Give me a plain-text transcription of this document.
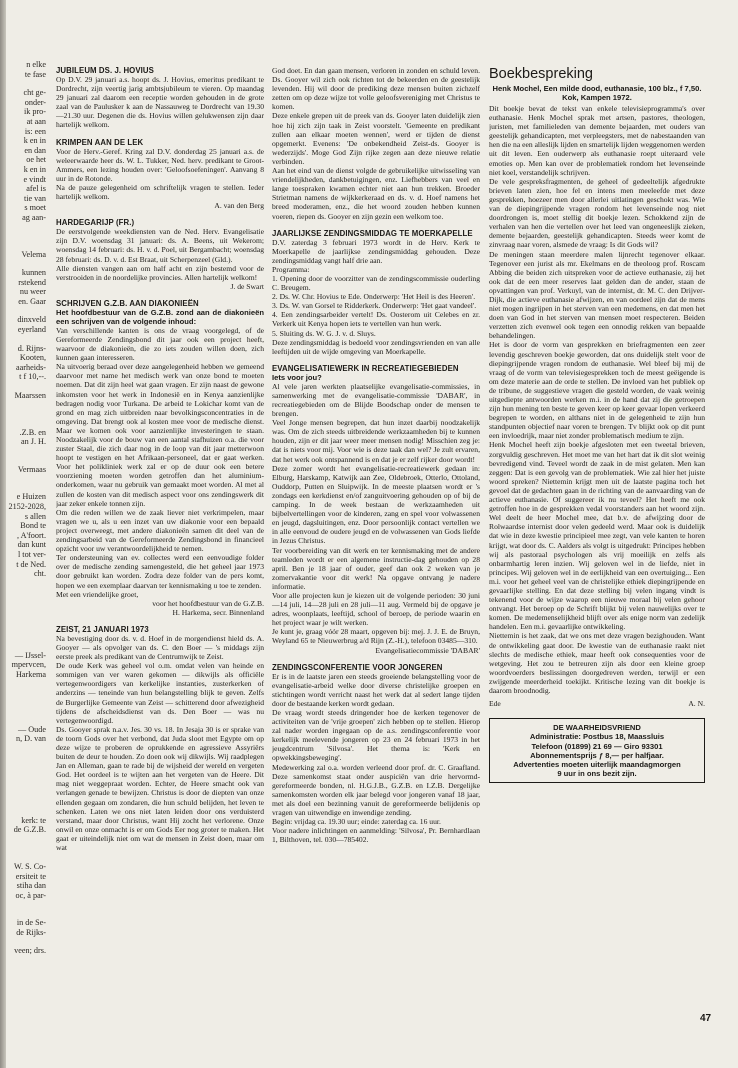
n elke
te fase
cht ge-
onder-
ik pro-
at aan
is: een
k en in
en dan
oe het
k en in
e vindt
afel is
tie van
s moet
ag aan-
Velema
kunnen
rstekend
nu weer
en. Gaar
dinxveld
eyerland
d. Rijns-
Kooten,
aarheids-
t f 10,--.
Maarssen
.Z.B. en
an J. H.
Vermaas
e Huizen
2152-2028,
s allen
Bond te
, A'foort.
dan kunt
l tot ver-
t de Ned.
cht.
— IJssel-
mpervcen,
Harkema
— Oude
n, D. van
kerk: te
de G.Z.B.
W. S. Co-
ersiteit te
stiha dan
oc, à par-
in de Se-
de Rijks-
veen; drs.
JUBILEUM DS. J. HOVIUS

Op D.V. 29 januari a.s. hoopt ds. J. Hovius, emeritus predikant te Dordrecht, zijn veertig jarig ambtsjubileum te vieren. Op maandag 29 januari zal daarom een receptie worden gehouden in de grote zaal van de Paulusker k aan de Nassauweg te Dordrecht van 19.30—21.30 uur. Degenen die ds. Hovius willen gelukwensen zijn daar hartelijk welkom.

KRIMPEN AAN DE LEK

Voor de Herv.-Geref. Kring zal D.V. donderdag 25 januari a.s. de weleerwaarde heer ds. W. L. Tukker, Ned. herv. predikant te Groot-Ammers, een lezing houden over: 'Geloofsoefeningen'. Aanvang 8 uur in de Rotonde.
Na de pauze gelegenheid om schriftelijk vragen te stellen. Ieder hartelijk welkom.

A. van den Berg

HARDEGARIJP (FR.)

De eerstvolgende weekdiensten van de Ned. Herv. Evangelisatie zijn D.V. woensdag 31 januari: ds. A. Beens, uit Wekerom; woensdag 14 februari: ds. H. v. d. Poel, uit Bergambacht; woensdag 28 februari: ds. D. v. d. Est Braat, uit Scherpenzeel (Gld.).
Alle diensten vangen aan om half acht en zijn bestemd voor de verstrooiden in de noordelijke provincies. Allen hartelijk welkom!

J. de Swart

SCHRIJVEN G.Z.B. AAN DIAKONIEËN
Het hoofdbestuur van de G.Z.B. zond aan de diakonieën een schrijven van de volgende inhoud:

Van verschillende kanten is ons de vraag voorgelegd, of de Gereformeerde Zendingsbond dit jaar ook een project heeft, waarvoor de diakonieën, die zo iets zouden willen doen, zich kunnen gaan interesseren.
Na uitvoerig beraad over deze aangelegenheid hebben we gemeend daarvoor met name het medisch werk van onze bond te moeten noemen. Dat dit zijn heel wat gaan vragen. Er zijn naast de gewone inkomsten voor het werk in Indonesië en in Kenya aanzienlijke bedragen nodig voor Turkana. De arbeid te Lokichar komt van de grond en mag zich uitbreiden naar bevolkingsconcentraties in de omgeving. Dat brengt ook al kosten mee voor de medische dienst. Maar we komen ook voor aanzienlijke investeringen te staan. Noodzakelijk voor de bouw van een aantal stafhuizen o.a. die voor zuster Staal, die zich daar nog in de loop van dit jaar metterwoon hoopt te vestigen en het Afrikaan-personeel, dat er gaat werken. Voor het polikliniek werk zal er op de duur ook een betere voorziening moeten worden getroffen dan het aluminium-onderkomen, waar nu gebruik van gemaakt moet worden. Al met al zullen de kosten van dit medisch aspect voor ons zendingswerk dit jaar zeker enkele tonnen zijn.
Om die reden willen we de zaak liever niet verkrimpelen, maar vragen we u, als u een inzet van uw diakonie voor een bepaald project overweegt, met andere diakonieën samen dit deel van de zendingsarbeid van de Gereformeerde Zendingsbond in financieel opzicht voor uw verantwoordelijkheid te nemen.
Ter ondersteuning van ev. collectes werd een eenvoudige folder over de medische zending samengesteld, die het geheel jaar 1973 door gebruikt kan worden. Zodra deze folder van de pers komt, hopen we een exemplaar daarvan ter kennismaking u toe te zenden.
Met een vriendelijke groet,

voor het hoofdbestuur van de G.Z.B.
H. Harkema, secr. Binnenland

ZEIST, 21 JANUARI 1973

Na bevestiging door ds. v. d. Hoef in de morgendienst hield ds. A. Gooyer — als opvolger van ds. C. den Boer — 's middags zijn eerste preek als predikant van de Centrumwijk te Zeist.
De oude Kerk was geheel vol o.m. omdat velen van heinde en sommigen van ver waren gekomen — dikwijls als officiële vertegenwoordigers van kerkelijke instanties, zusterkerken of anderzins — teneinde van hun belangstelling blijk te geven. Zelfs de Burgerlijke Gemeente van Zeist — schitterend door afwezigheid tijdens de afscheidsdienst van ds. Den Boer — was nu vertegenwoordigd.
Ds. Gooyer sprak n.a.v. Jes. 30 vs. 18. In Jesaja 30 is er sprake van de toorn Gods over het verbond, dat Juda sloot met Egypte om op deze wijze te proberen de oprukkende en agressieve Assyriërs buiten de deur te houden. Zo doen ook wij dikwijls. Wij raadplegen Jan en Alleman, gaan te rade bij de wijsheid der wereld en vergeten God. Het oordeel is te wijten aan het vergeten van de Heere. Dit mag niet weggepraat worden. Echter, de Heere smacht ook van verlangen genade te bewijzen. Christus is door de diepten van onze ellenden gegaan om zondaren, die hun schuld belijden, het leven te schenken. Laten we ons niet laten leiden door ons verduisterd verstand, maar door Christus, want Hij zocht het verlorene. Onze onwil en onze onmacht is er om Gods Eer nog groter te maken. Het gaat er uiteindelijk niet om wat de mensen in Zeist doen, maar om wat

God doet. En dan gaan mensen, verloren in zonden en schuld leven. Ds. Gooyer wil zich ook richten tot de bekeerden en de geestelijk levenden. Hij wil door de prediking deze mensen buiten zichzelf zetten om op deze wijze tot volle geloofsvereniging met Christus te komen.
Deze enkele grepen uit de preek van ds. Gooyer laten duidelijk zien hoe hij zich zijn taak in Zeist voorstelt. 'Gemeente en predikant zullen aan elkaar moeten wennen', werd er tijden de dienst opgemerkt. Evenens: 'De onbekendheid Zeist-ds. Gooyer is wederzijds'. Moge God Zijn rijke zegen aan deze nieuwe relatie verbinden.
Aan het eind van de dienst volgde de gebruikelijke uitwisseling van vriendelijkheden, dankbetuigingen, enz. Liefhebbers van veel en lange toespraken kwamen echter niet aan hun trekken. Broeder Strietman namens de wijkkerkeraad en ds. v. d. Hoef namens het breed moderamen, enz., die het woord zouden hebben kunnen voeren, riepen ds. Gooyer en zijn gezin een welkom toe.

JAARLIJKSE ZENDINGSMIDDAG TE MOERKAPELLE

D.V. zaterdag 3 februari 1973 wordt in de Herv. Kerk te Moerkapelle de jaarlijkse zendingsmiddag gehouden. Deze zendingsmiddag vangt half drie aan.
Programma:
1. Opening door de voorzitter van de zendingscommissie ouderling C. Breugem.
2. Ds. W. Chr. Hovius te Ede. Onderwerp: 'Het Heil is des Heeren'.
3. Ds. W. van Gorsel te Ridderkerk. Onderwerp: 'Het gaat vandeel'.
4. Een zendingsarbeider vertelt! Ds. Oosterom uit Celebes en zr. Verkerk uit Kenya hopen iets te vertellen van hun werk.
5. Sluiting ds. W. G. J. v. d. Sluys.
Deze zendingsmiddag is bedoeld voor zendingsvrienden en van alle leeftijden uit de wijde omgeving van Moerkapelle.

EVANGELISATIEWERK IN RECREATIEGEBIEDEN
Iets voor jou?

Al vele jaren werkten plaatselijke evangelisatie-commissies, in samenwerking met de evangelisatie-commissie 'DABAR', in recreatiegebieden om de Blijde Boodschap onder de mensen te brengen.
Veel Jonge mensen begrepen, dat hun inzet daarbij noodzakelijk was. Om de zich steeds uitbreidende werkzaamheden bij te kunnen houden, zijn er dit jaar weer meer mensen nodig! Misschien zeg je: dat is niets voor mij. Voor wie is deze taak dan wel? Je zult ervaren, dat het werk ook ontspannend is en dat je er zelf rijker door wordt!
Deze zomer wordt het evangelisatie-recreatiewerk gedaan in: Elburg, Harskamp, Katwijk aan Zee, Oldebroek, Otterlo, Ottoland, Ouddorp, Putten en Sluipwijk. In de meeste plaatsen wordt er 's zondags een kerkdienst en/of zanguitvoering gehouden op of bij de camping. In de week bestaan de werkzaamheden uit bijbelvertellingen voor de kinderen, zang en spel voor volwassenen en jeugd, dagsluitingen, enz. Door persoonlijk contact vertellen we in alle eenvoud de oudere jeugd en de volwassenen van Gods liefde in Jezus Christus.
Ter voorbereiding van dit werk en ter kennismaking met de andere teamleden wordt er een algemene instructie-dag gehouden op 28 april. Ben je 18 jaar of ouder, geef dan ook 2 weken van je zomervakantie voor dit werk! Na opgave ontvang je nadere informatie.
Voor alle projecten kun je kiezen uit de volgende perioden: 30 juni—14 juli, 14—28 juli en 28 juli—11 aug. Vermeld bij de opgave je adres, woonplaats, leeftijd, school of beroep, de periode waarin en het project waar je wilt werken.
Je kunt je, graag vóór 28 maart, opgeven bij: mej. J. J. E. de Bruyn, Weyland 65 te Nieuwerbrug a/d Rijn (Z.-H.), telefoon 03485—310.

Evangelisatiecommissie 'DABAR'

ZENDINGSCONFERENTIE VOOR JONGEREN

Er is in de laatste jaren een steeds groeiende belangstelling voor de evangelisatie-arbeid welke door diverse christelijke groepen en stichtingen wordt verricht naast het werk dat al sedert lange tijden door de bestaande kerken wordt gedaan.
De vraag wordt steeds dringender hoe de kerken tegenover de activiteiten van de 'vrije groepen' zich hebben op te stellen. Hierop zal nader worden ingegaan op de a.s. zendingsconferentie voor kerkelijk meelevende jongeren op 23 en 24 februari 1973 in het jeugdcentrum 'Silvosa'. Het thema is: 'Kerk en opwekkingsbeweging'.
Medewerking zal o.a. worden verleend door prof. dr. C. Graafland. Deze samenkomst staat onder auspiciën van drie hervormd-gereformeerde bonden, nl. H.G.J.B., G.Z.B. en I.Z.B. Dergelijke samenkomsten worden elk jaar belegd voor jongeren vanaf 18 jaar, met als doel een bezinning vanuit de gereformeerde belijdenis op vragen van uitwendige en inwendige zending.
Begin: vrijdag ca. 19.30 uur; einde: zaterdag ca. 16 uur.
Voor nadere inlichtingen en aanmelding: 'Silvosa', Pr. Bernhardlaan 1, Bilthoven, tel. 030—785402.

Boekbespreking
Henk Mochel, Een milde dood, euthanasie, 100 blz., f 7,50. Kok, Kampen 1972.

Dit boekje bevat de tekst van enkele televisieprogramma's over euthanasie. Henk Mochel sprak met artsen, pastores, theologen, juristen, met familieleden van demente bejaarden, met ouders van geestelijk gehandicapten, met verpleegsters, met de nabestaanden van hen die na een alleslijk lijden en smartelijk lijden weggenomen werden uit dit leven. Een ouderwerp als euthanasie roept uiteraard vele emoties op. Men kan over de problematiek rondom het levenseinde niet koel, verstandelijk schrijven.
De vele gespreksfragmenten, de geheel of gedeeltelijk afgedrukte brieven laten zien, hoe fel en intens men meeleefde met deze gesprekken, hoezeer men door allerlei uitlatingen geschokt was. Wie van de diepingrijpende vragen rondom het levenseinde nog niet doordrongen is, moet stellig dit boekje lezen. Schokkend zijn de verhalen van hen die vertellen over het leed van ongeneeslijk zieken, demente bejaarden, geestelijk gehandicapten. Steeds weer komt de zinvraag naar voren, alsmede de vraag: Is dit Gods wil?
De meningen staan meerdere malen lijnrecht tegenover elkaar. Tegenover een jurist als mr. Ekelmans en de theoloog prof. Roscam Abbing die beiden zich uitspreken voor de actieve euthanasie, zij het ook dat de een meer reserves laat gelden dan de ander, staan de opvattingen van prof. Verkuyl, van de internist, dr. M. C. den Drijver-Dijk, die actieve euthanasie afwijzen, en van oordeel zijn dat de mens niet mogen ingrijpen in het sterven van een medemens, en dat men het doen van God in het sterven van mensen moet respecteren. Beiden verzetten zich evenwel ook tegen een onnodig rekken van bepaalde behandelingen.
Het is door de vorm van gesprekken en briefragmenten een zeer levendig geschreven boekje geworden, dat ons duidelijk stelt voor de diepingrijpende vragen rondom de euthanasie. Wel bleef bij mij de vraag of de vorm van televisiegesprekken toch de meest geëigende is om deze materie aan de orde te stellen. De invloed van het publiek op de tribune, de suggestieve vragen die gesteld worden, de vaak weinig uitgediepte antwoorden werken m.i. in de hand dat zij die getroepen zijn hun mening ten beste te geven keer op keer gevaar lopen verkeerd begrepen te worden, en althans niet in de gelegenheid te zijn hun standpunten objectief naar voren te brengen. Tv blijkt ook op dit punt een invloedrijk, maar niet zonder problematisch medium te zijn.
Henk Mochel heeft zijn boekje afgesloten met een tweetal brieven, zorgvuldig geschreven. Het moet me van het hart dat ik dit slot weinig bevredigend vind. Teveel wordt de zaak in de mist gelaten. Men kan zeggen: Dat is een gevolg van de problematiek. Wie zal hier het juiste woord spreken? Niettemin krijgt men uit de laatste pagina toch het gevoel dat de gedachten gaan in de richting van de aanvaarding van de actieve euthanasie. Of suggereer ik nu teveel? Het heeft me ook getroffen hoe in de gesprekken vedal voorstanders aan het woord zijn. Wel deelt de heer Mochel mee, dat b.v. de afwijzing door de Rolwaardse internist door velen gedeeld werd. Maar ook is duidelijk dat wie in deze kwestie principieel mee zegt, van vele kanten te horen krijgt, wat door ds. C. Aalders als volgt is uitgedrukt: Principes hebben wij als pastoraal psychologen als vrij moeilijk en zelfs als onbarmhartig leren inzien. Wij geloven wel in de liefde, niet in principes. Wij geloven wel in de eerlijkheid van een overtuiging... Een m.i. voor het geheel veel van de christelijke ethiek diepingrijpende en gevaarlijke stelling. En dat deze stelling bij velen ingang vindt is tekenend voor de wijze waarop een nieuwe moraal bij velen gehoor ontvangt. Het beroep op de Schrift blijkt bij velen nauwelijks over te komen. De medemenselijkheid blijft over als enige norm van zedelijk handelen. Een m.i. gevaarlijke ontwikkeling.
Niettemin is het zaak, dat we ons met deze vragen bezighouden. Want de ontwikkeling gaat door. De kwestie van de euthanasie raakt niet slechts de medische ethiek, maar heeft ook consequenties voor de wetgeving. Het zou te betreuren zijn als door een kleine groep woordvoerders beslissingen doorgedreven werden, terwijl er een zwijgende meerderheid toekijkt. Kritische lezing van dit boekje is daarom broodnodig.

Ede	A. N.
DE WAARHEIDSVRIEND
Administratie: Postbus 18, Maassluis
Telefoon (01899) 21 69 — Giro 93301
Abonnementsprijs ƒ 8,— per halfjaar.
Advertenties moeten uiterlijk maandagmorgen
9 uur in ons bezit zijn.
47
